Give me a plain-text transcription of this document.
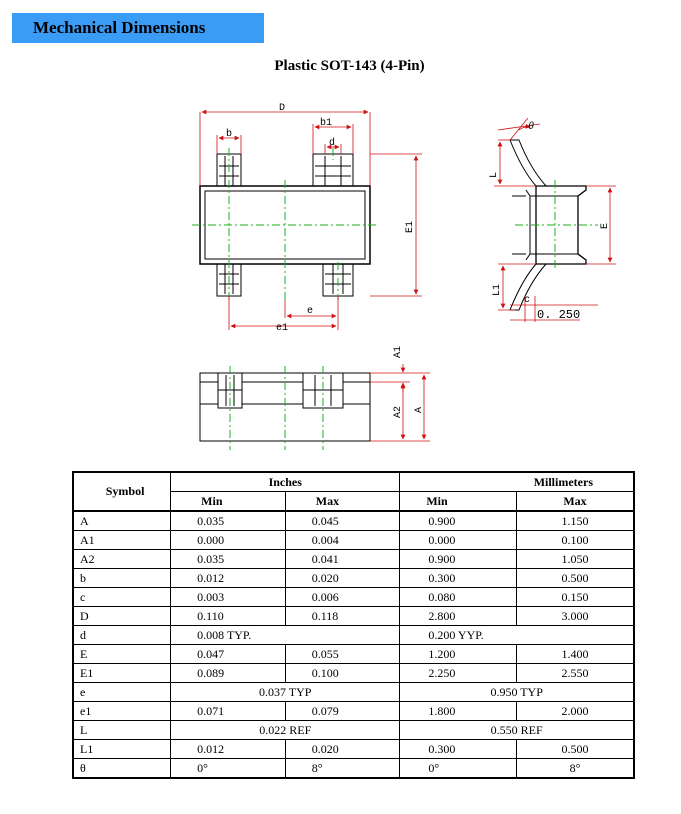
Mechanical Dimensions
Plastic SOT-143 (4-Pin)
D
b1
b
d
E1
e
e1
θ
L
L1
E
c
0. 250
A1
A2 A
Symbol	Inches		Millimeters	
	Min	Max	Min	Max
A	0.035	0.045	0.900	1.150
A1	0.000	0.004	0.000	0.100
A2	0.035	0.041	0.900	1.050
b	0.012	0.020	0.300	0.500
c	0.003	0.006	0.080	0.150
D	0.110	0.118	2.800	3.000
d	0.008 TYP.		0.200 YYP.	
E	0.047	0.055	1.200	1.400
E1	0.089	0.100	2.250	2.550
e	0.037 TYP		0.950 TYP	
e1	0.071	0.079	1.800	2.000
L	0.022 REF		0.550 REF	
L1	0.012	0.020	0.300	0.500
θ	0°	8°	0°	8°
